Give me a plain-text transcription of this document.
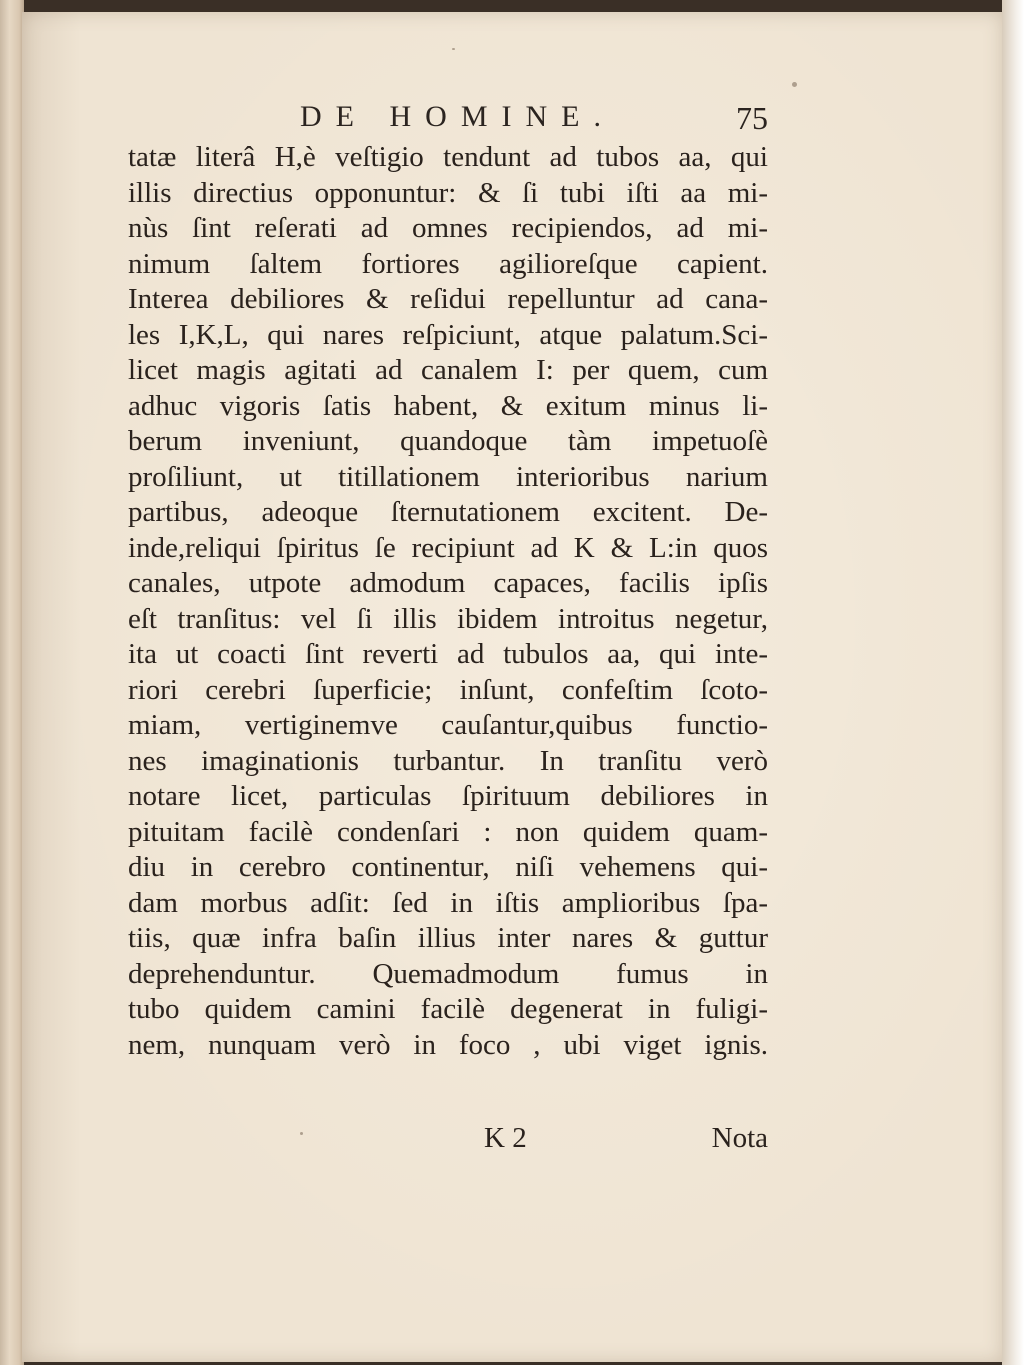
DE HOMINE.	75
tatæ literâ H,è veſtigio tendunt ad tubos aa, qui
illis directius opponuntur: & ſi tubi iſti aa mi-
nùs ſint reſerati ad omnes recipiendos, ad mi-
nimum ſaltem fortiores agilioreſque capient.
Interea debiliores & reſidui repelluntur ad cana-
les I,K,L, qui nares reſpiciunt, atque palatum.Sci-
licet magis agitati ad canalem I: per quem, cum
adhuc vigoris ſatis habent, & exitum minus li-
berum inveniunt, quandoque tàm impetuoſè
proſiliunt, ut titillationem interioribus narium
partibus, adeoque ſternutationem excitent. De-
inde,reliqui ſpiritus ſe recipiunt ad K & L:in quos
canales, utpote admodum capaces, facilis ipſis
eſt tranſitus: vel ſi illis ibidem introitus negetur,
ita ut coacti ſint reverti ad tubulos aa, qui inte-
riori cerebri ſuperficie; inſunt, confeſtim ſcoto-
miam, vertiginemve cauſantur,quibus functio-
nes imaginationis turbantur. In tranſitu verò
notare licet, particulas ſpirituum debiliores in
pituitam facilè condenſari : non quidem quam-
diu in cerebro continentur, niſi vehemens qui-
dam morbus adſit: ſed in iſtis amplioribus ſpa-
tiis, quæ infra baſin illius inter nares & guttur
deprehenduntur. Quemadmodum fumus in
tubo quidem camini facilè degenerat in fuligi-
nem, nunquam verò in foco , ubi viget ignis.
K 2	Nota
